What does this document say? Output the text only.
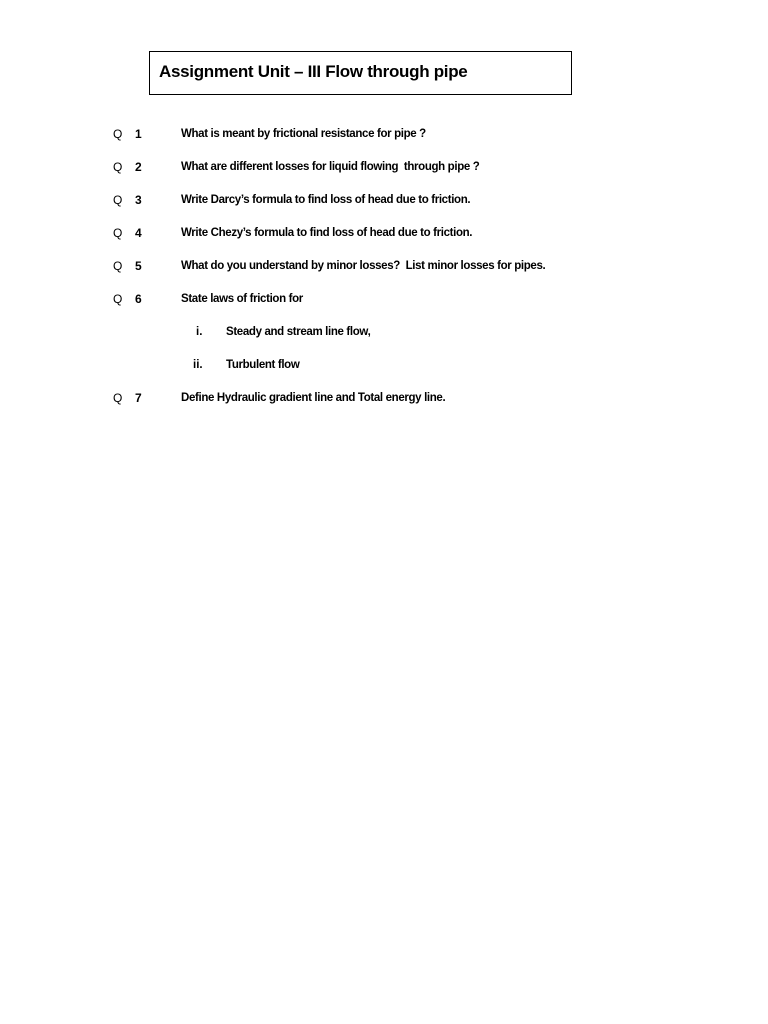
Assignment Unit – III Flow through pipe
Q 1	What is meant by frictional resistance for pipe ?
Q 2	What are different losses for liquid flowing  through pipe ?
Q 3	Write Darcy’s formula to find loss of head due to friction.
Q 4	Write Chezy’s formula to find loss of head due to friction.
Q 5	What do you understand by minor losses?  List minor losses for pipes.
Q 6	State laws of friction for
i. Steady and stream line flow,
ii. Turbulent flow
Q 7	Define Hydraulic gradient line and Total energy line.
